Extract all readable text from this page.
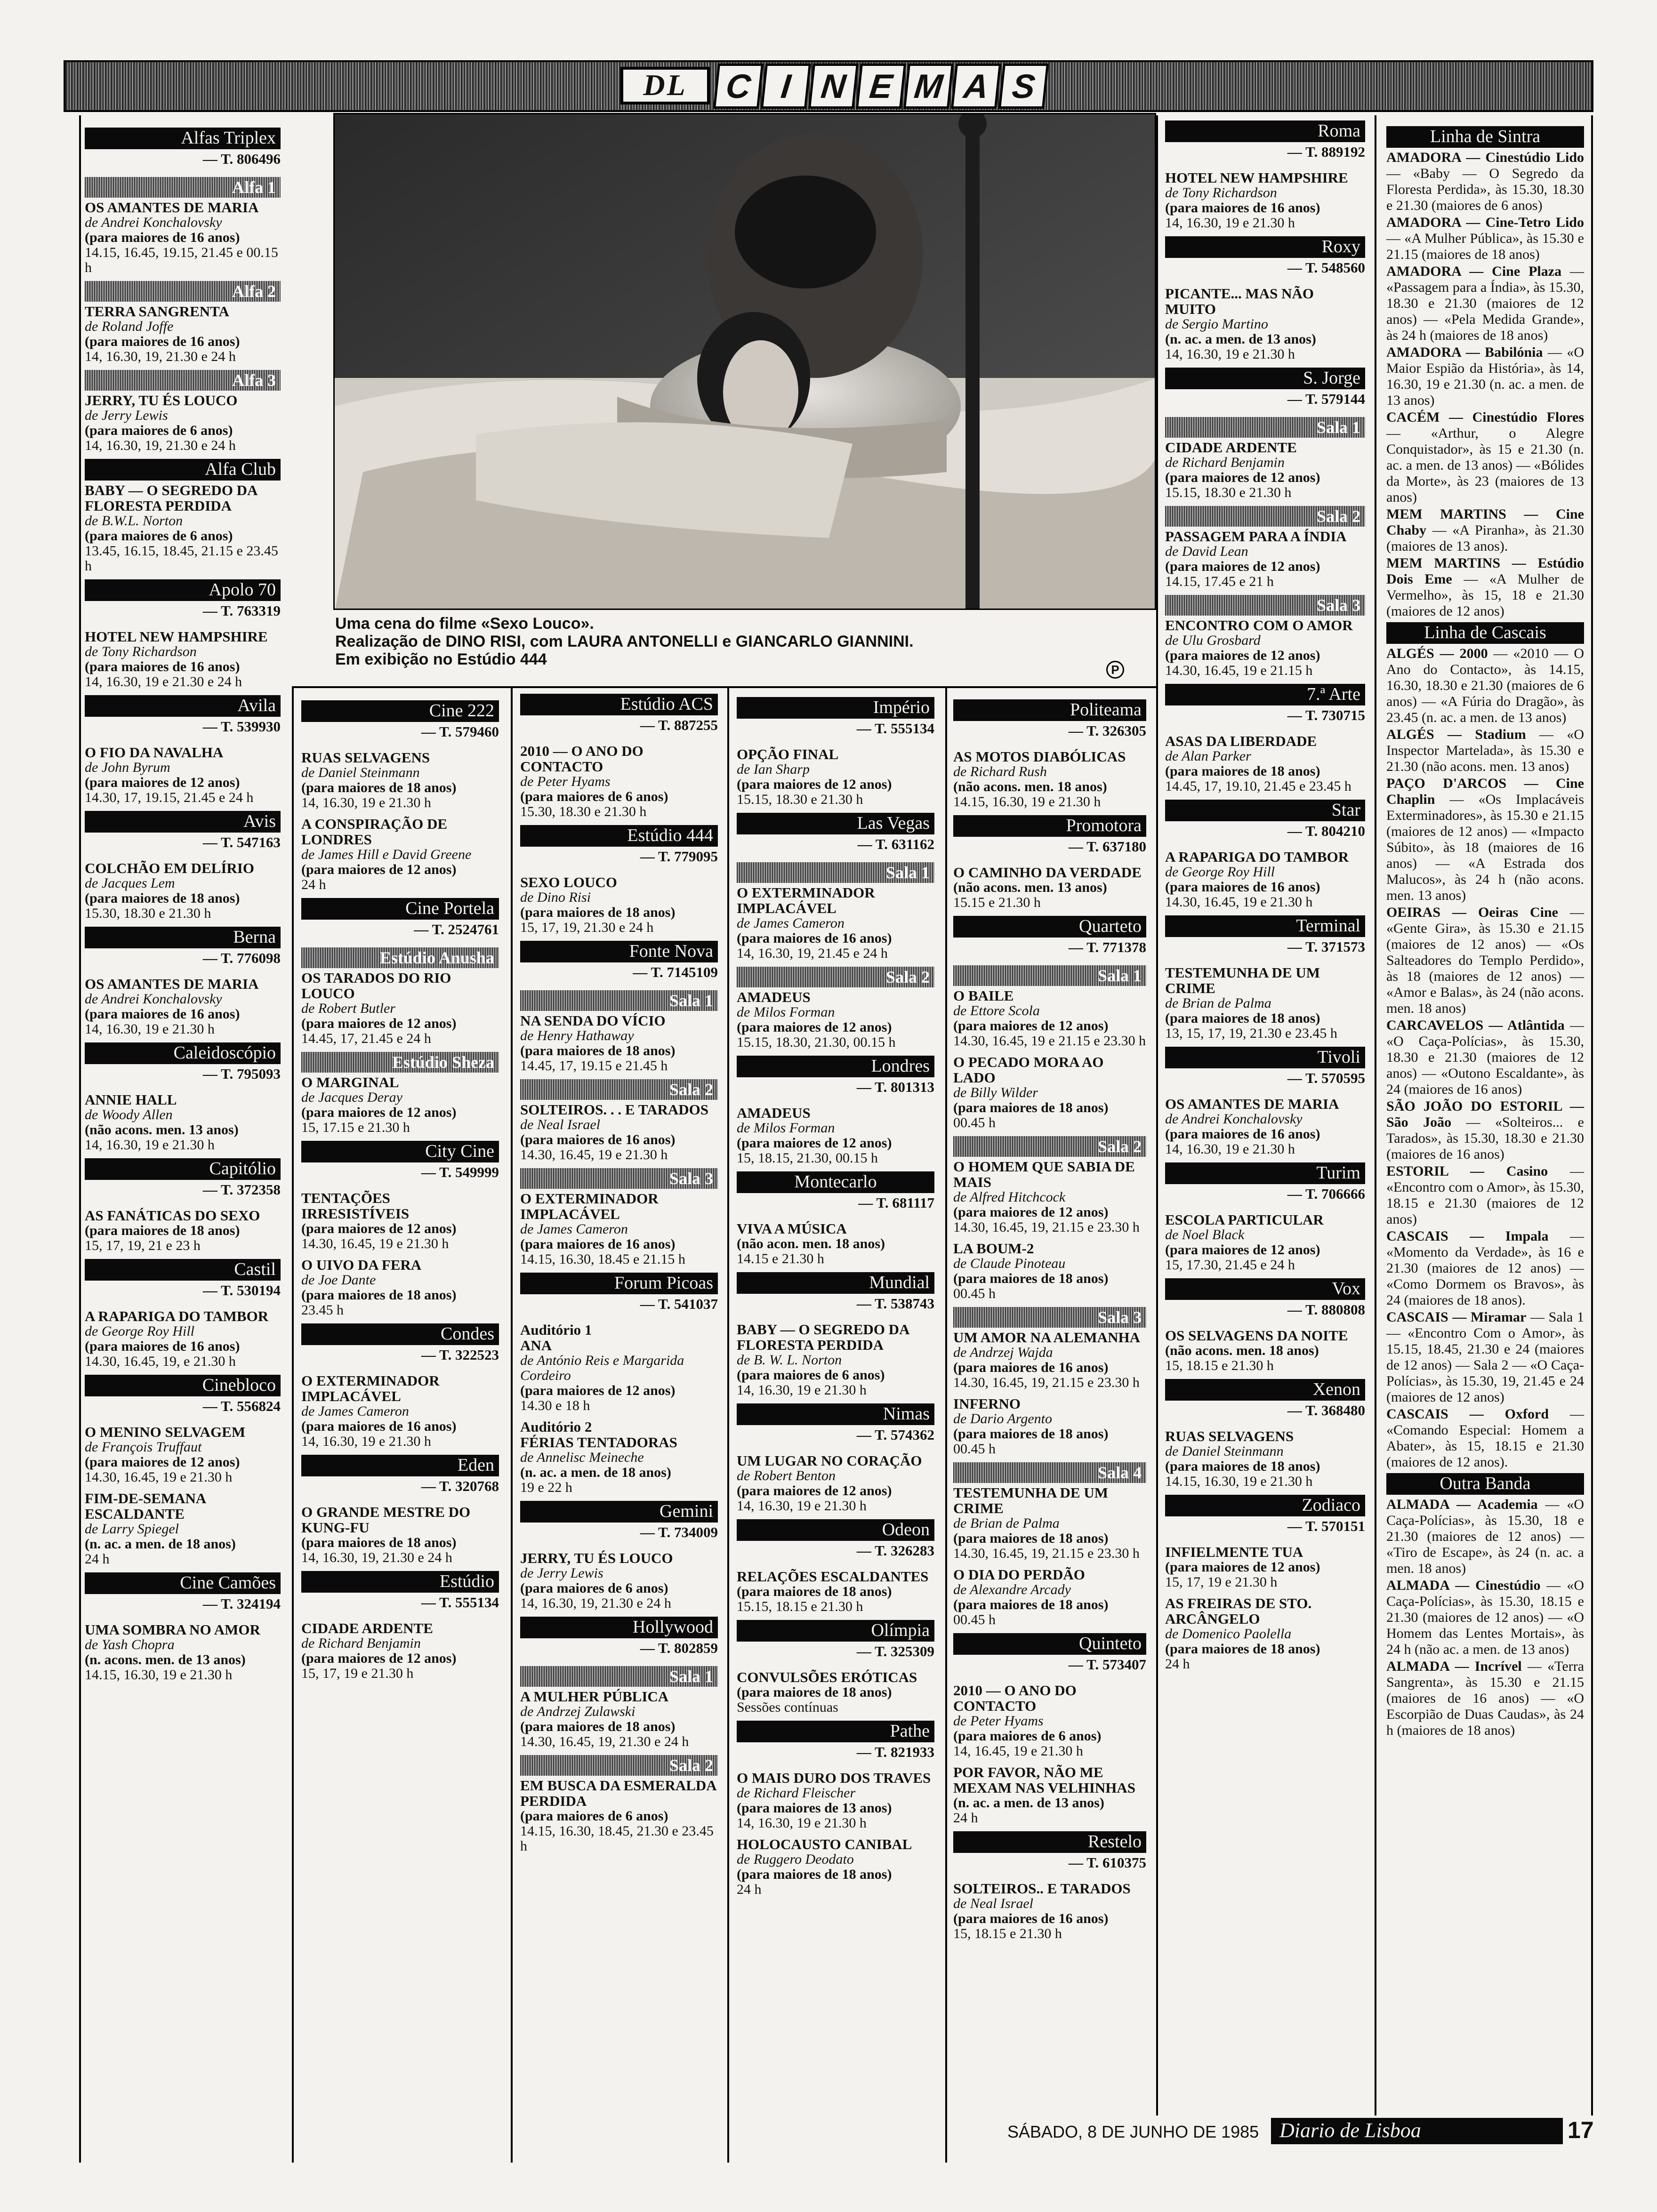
DL	C I N E M A S
Uma cena do filme «Sexo Louco».
Realização de DINO RISI, com LAURA ANTONELLI e GIANCARLO GIANNINI.
Em exibição no Estúdio 444
P
Alfas Triplex
— T. 806496
Alfa 1
OS AMANTES DE MARIA
de Andrei Konchalovsky
(para maiores de 16 anos)
14.15, 16.45, 19.15, 21.45 e 00.15 h
Alfa 2
TERRA SANGRENTA
de Roland Joffe
(para maiores de 16 anos)
14, 16.30, 19, 21.30 e 24 h
Alfa 3
JERRY, TU ÉS LOUCO
de Jerry Lewis
(para maiores de 6 anos)
14, 16.30, 19, 21.30 e 24 h
Alfa Club
BABY — O SEGREDO DA FLORESTA PERDIDA
de B.W.L. Norton
(para maiores de 6 anos)
13.45, 16.15, 18.45, 21.15 e 23.45 h
Apolo 70
— T. 763319
HOTEL NEW HAMPSHIRE
de Tony Richardson
(para maiores de 16 anos)
14, 16.30, 19 e 21.30 e 24 h
Avila
— T. 539930
O FIO DA NAVALHA
de John Byrum
(para maiores de 12 anos)
14.30, 17, 19.15, 21.45 e 24 h
Avis
— T. 547163
COLCHÃO EM DELÍRIO
de Jacques Lem
(para maiores de 18 anos)
15.30, 18.30 e 21.30 h
Berna
— T. 776098
OS AMANTES DE MARIA
de Andrei Konchalovsky
(para maiores de 16 anos)
14, 16.30, 19 e 21.30 h
Caleidoscópio
— T. 795093
ANNIE HALL
de Woody Allen
(não acons. men. 13 anos)
14, 16.30, 19 e 21.30 h
Capitólio
— T. 372358
AS FANÁTICAS DO SEXO
(para maiores de 18 anos)
15, 17, 19, 21 e 23 h
Castil
— T. 530194
A RAPARIGA DO TAMBOR
de George Roy Hill
(para maiores de 16 anos)
14.30, 16.45, 19, e 21.30 h
Cinebloco
— T. 556824
O MENINO SELVAGEM
de François Truffaut
(para maiores de 12 anos)
14.30, 16.45, 19 e 21.30 h
FIM-DE-SEMANA ESCALDANTE
de Larry Spiegel
(n. ac. a men. de 18 anos)
24 h
Cine Camões
— T. 324194
UMA SOMBRA NO AMOR
de Yash Chopra
(n. acons. men. de 13 anos)
14.15, 16.30, 19 e 21.30 h
Cine 222
— T. 579460
RUAS SELVAGENS
de Daniel Steinmann
(para maiores de 18 anos)
14, 16.30, 19 e 21.30 h
A CONSPIRAÇÃO DE LONDRES
de James Hill e David Greene
(para maiores de 12 anos)
24 h
Cine Portela
— T. 2524761
Estúdio Anusha
OS TARADOS DO RIO LOUCO
de Robert Butler
(para maiores de 12 anos)
14.45, 17, 21.45 e 24 h
Estúdio Sheza
O MARGINAL
de Jacques Deray
(para maiores de 12 anos)
15, 17.15 e 21.30 h
City Cine
— T. 549999
TENTAÇÕES IRRESISTÍVEIS
(para maiores de 12 anos)
14.30, 16.45, 19 e 21.30 h
O UIVO DA FERA
de Joe Dante
(para maiores de 18 anos)
23.45 h
Condes
— T. 322523
O EXTERMINADOR IMPLACÁVEL
de James Cameron
(para maiores de 16 anos)
14, 16.30, 19 e 21.30 h
Eden
— T. 320768
O GRANDE MESTRE DO KUNG-FU
(para maiores de 18 anos)
14, 16.30, 19, 21.30 e 24 h
Estúdio
— T. 555134
CIDADE ARDENTE
de Richard Benjamin
(para maiores de 12 anos)
15, 17, 19 e 21.30 h
Estúdio ACS
— T. 887255
2010 — O ANO DO CONTACTO
de Peter Hyams
(para maiores de 6 anos)
15.30, 18.30 e 21.30 h
Estúdio 444
— T. 779095
SEXO LOUCO
de Dino Risi
(para maiores de 18 anos)
15, 17, 19, 21.30 e 24 h
Fonte Nova
— T. 7145109
Sala 1
NA SENDA DO VÍCIO
de Henry Hathaway
(para maiores de 18 anos)
14.45, 17, 19.15 e 21.45 h
Sala 2
SOLTEIROS. . . E TARADOS
de Neal Israel
(para maiores de 16 anos)
14.30, 16.45, 19 e 21.30 h
Sala 3
O EXTERMINADOR IMPLACÁVEL
de James Cameron
(para maiores de 16 anos)
14.15, 16.30, 18.45 e 21.15 h
Forum Picoas
— T. 541037
Auditório 1
ANA
de António Reis e Margarida Cordeiro
(para maiores de 12 anos)
14.30 e 18 h
Auditório 2
FÉRIAS TENTADORAS
de Annelisc Meineche
(n. ac. a men. de 18 anos)
19 e 22 h
Gemini
— T. 734009
JERRY, TU ÉS LOUCO
de Jerry Lewis
(para maiores de 6 anos)
14, 16.30, 19, 21.30 e 24 h
Hollywood
— T. 802859
Sala 1
A MULHER PÚBLICA
de Andrzej Zulawski
(para maiores de 18 anos)
14.30, 16.45, 19, 21.30 e 24 h
Sala 2
EM BUSCA DA ESMERALDA PERDIDA
(para maiores de 6 anos)
14.15, 16.30, 18.45, 21.30 e 23.45 h
Império
— T. 555134
OPÇÃO FINAL
de Ian Sharp
(para maiores de 12 anos)
15.15, 18.30 e 21.30 h
Las Vegas
— T. 631162
Sala 1
O EXTERMINADOR IMPLACÁVEL
de James Cameron
(para maiores de 16 anos)
14, 16.30, 19, 21.45 e 24 h
Sala 2
AMADEUS
de Milos Forman
(para maiores de 12 anos)
15.15, 18.30, 21.30, 00.15 h
Londres
— T. 801313
AMADEUS
de Milos Forman
(para maiores de 12 anos)
15, 18.15, 21.30, 00.15 h
Montecarlo
— T. 681117
VIVA A MÚSICA
(não acon. men. 18 anos)
14.15 e 21.30 h
Mundial
— T. 538743
BABY — O SEGREDO DA FLORESTA PERDIDA
de B. W. L. Norton
(para maiores de 6 anos)
14, 16.30, 19 e 21.30 h
Nimas
— T. 574362
UM LUGAR NO CORAÇÃO
de Robert Benton
(para maiores de 12 anos)
14, 16.30, 19 e 21.30 h
Odeon
— T. 326283
RELAÇÕES ESCALDANTES
(para maiores de 18 anos)
15.15, 18.15 e 21.30 h
Olímpia
— T. 325309
CONVULSÕES ERÓTICAS
(para maiores de 18 anos)
Sessões contínuas
Pathe
— T. 821933
O MAIS DURO DOS TRAVES
de Richard Fleischer
(para maiores de 13 anos)
14, 16.30, 19 e 21.30 h
HOLOCAUSTO CANIBAL
de Ruggero Deodato
(para maiores de 18 anos)
24 h
Politeama
— T. 326305
AS MOTOS DIABÓLICAS
de Richard Rush
(não acons. men. 18 anos)
14.15, 16.30, 19 e 21.30 h
Promotora
— T. 637180
O CAMINHO DA VERDADE
(não acons. men. 13 anos)
15.15 e 21.30 h
Quarteto
— T. 771378
Sala 1
O BAILE
de Ettore Scola
(para maiores de 12 anos)
14.30, 16.45, 19 e 21.15 e 23.30 h
O PECADO MORA AO LADO
de Billy Wilder
(para maiores de 18 anos)
00.45 h
Sala 2
O HOMEM QUE SABIA DE MAIS
de Alfred Hitchcock
(para maiores de 12 anos)
14.30, 16.45, 19, 21.15 e 23.30 h
LA BOUM-2
de Claude Pinoteau
(para maiores de 18 anos)
00.45 h
Sala 3
UM AMOR NA ALEMANHA
de Andrzej Wajda
(para maiores de 16 anos)
14.30, 16.45, 19, 21.15 e 23.30 h
INFERNO
de Dario Argento
(para maiores de 18 anos)
00.45 h
Sala 4
TESTEMUNHA DE UM CRIME
de Brian de Palma
(para maiores de 18 anos)
14.30, 16.45, 19, 21.15 e 23.30 h
O DIA DO PERDÃO
de Alexandre Arcady
(para maiores de 18 anos)
00.45 h
Quinteto
— T. 573407
2010 — O ANO DO CONTACTO
de Peter Hyams
(para maiores de 6 anos)
14, 16.45, 19 e 21.30 h
POR FAVOR, NÃO ME MEXAM NAS VELHINHAS
(n. ac. a men. de 13 anos)
24 h
Restelo
— T. 610375
SOLTEIROS.. E TARADOS
de Neal Israel
(para maiores de 16 anos)
15, 18.15 e 21.30 h
Roma
— T. 889192
HOTEL NEW HAMPSHIRE
de Tony Richardson
(para maiores de 16 anos)
14, 16.30, 19 e 21.30 h
Roxy
— T. 548560
PICANTE... MAS NÃO MUITO
de Sergio Martino
(n. ac. a men. de 13 anos)
14, 16.30, 19 e 21.30 h
S. Jorge
— T. 579144
Sala 1
CIDADE ARDENTE
de Richard Benjamin
(para maiores de 12 anos)
15.15, 18.30 e 21.30 h
Sala 2
PASSAGEM PARA A ÍNDIA
de David Lean
(para maiores de 12 anos)
14.15, 17.45 e 21 h
Sala 3
ENCONTRO COM O AMOR
de Ulu Grosbard
(para maiores de 12 anos)
14.30, 16.45, 19 e 21.15 h
7.ª Arte
— T. 730715
ASAS DA LIBERDADE
de Alan Parker
(para maiores de 18 anos)
14.45, 17, 19.10, 21.45 e 23.45 h
Star
— T. 804210
A RAPARIGA DO TAMBOR
de George Roy Hill
(para maiores de 16 anos)
14.30, 16.45, 19 e 21.30 h
Terminal
— T. 371573
TESTEMUNHA DE UM CRIME
de Brian de Palma
(para maiores de 18 anos)
13, 15, 17, 19, 21.30 e 23.45 h
Tivoli
— T. 570595
OS AMANTES DE MARIA
de Andrei Konchalovsky
(para maiores de 16 anos)
14, 16.30, 19 e 21.30 h
Turim
— T. 706666
ESCOLA PARTICULAR
de Noel Black
(para maiores de 12 anos)
15, 17.30, 21.45 e 24 h
Vox
— T. 880808
OS SELVAGENS DA NOITE
(não acons. men. 18 anos)
15, 18.15 e 21.30 h
Xenon
— T. 368480
RUAS SELVAGENS
de Daniel Steinmann
(para maiores de 18 anos)
14.15, 16.30, 19 e 21.30 h
Zodiaco
— T. 570151
INFIELMENTE TUA
(para maiores de 12 anos)
15, 17, 19 e 21.30 h
AS FREIRAS DE STO. ARCÂNGELO
de Domenico Paolella
(para maiores de 18 anos)
24 h
Linha de Sintra
AMADORA — Cinestúdio Lido — «Baby — O Segredo da Floresta Perdida», às 15.30, 18.30 e 21.30 (maiores de 6 anos)
AMADORA — Cine-Tetro Lido — «A Mulher Pública», às 15.30 e 21.15 (maiores de 18 anos)
AMADORA — Cine Plaza — «Passagem para a Índia», às 15.30, 18.30 e 21.30 (maiores de 12 anos) — «Pela Medida Grande», às 24 h (maiores de 18 anos)
AMADORA — Babilónia — «O Maior Espião da História», às 14, 16.30, 19 e 21.30 (n. ac. a men. de 13 anos)
CACÉM — Cinestúdio Flores — «Arthur, o Alegre Conquistador», às 15 e 21.30 (n. ac. a men. de 13 anos) — «Bólides da Morte», às 23 (maiores de 13 anos)
MEM MARTINS — Cine Chaby — «A Piranha», às 21.30 (maiores de 13 anos).
MEM MARTINS — Estúdio Dois Eme — «A Mulher de Vermelho», às 15, 18 e 21.30 (maiores de 12 anos)
Linha de Cascais
ALGÉS — 2000 — «2010 — O Ano do Contacto», às 14.15, 16.30, 18.30 e 21.30 (maiores de 6 anos) — «A Fúria do Dragão», às 23.45 (n. ac. a men. de 13 anos)
ALGÉS — Stadium — «O Inspector Marteladа», às 15.30 e 21.30 (não acons. men. 13 anos)
PAÇO D'ARCOS — Cine Chaplin — «Os Implacáveis Exterminadores», às 15.30 e 21.15 (maiores de 12 anos) — «Impacto Súbito», às 18 (maiores de 16 anos) — «A Estrada dos Malucos», às 24 h (não acons. men. 13 anos)
OEIRAS — Oeiras Cine — «Gente Gira», às 15.30 e 21.15 (maiores de 12 anos) — «Os Salteadores do Templo Perdido», às 18 (maiores de 12 anos) — «Amor e Balas», às 24 (não acons. men. 18 anos)
CARCAVELOS — Atlântida — «O Caça-Polícias», às 15.30, 18.30 e 21.30 (maiores de 12 anos) — «Outono Escaldante», às 24 (maiores de 16 anos)
SÃO JOÃO DO ESTORIL — São João — «Solteiros... e Tarados», às 15.30, 18.30 e 21.30 (maiores de 16 anos)
ESTORIL — Casino — «Encontro com o Amor», às 15.30, 18.15 e 21.30 (maiores de 12 anos)
CASCAIS — Impala — «Momento da Verdade», às 16 e 21.30 (maiores de 12 anos) — «Como Dormem os Bravos», às 24 (maiores de 18 anos).
CASCAIS — Miramar — Sala 1 — «Encontro Com o Amor», às 15.15, 18.45, 21.30 e 24 (maiores de 12 anos) — Sala 2 — «O Caça-Polícias», às 15.30, 19, 21.45 e 24 (maiores de 12 anos)
CASCAIS — Oxford — «Comando Especial: Homem a Abater», às 15, 18.15 e 21.30 (maiores de 12 anos).
Outra Banda
ALMADA — Academia — «O Caça-Polícias», às 15.30, 18 e 21.30 (maiores de 12 anos) — «Tiro de Escape», às 24 (n. ac. a men. 18 anos)
ALMADA — Cinestúdio — «O Caça-Polícias», às 15.30, 18.15 e 21.30 (maiores de 12 anos) — «O Homem das Lentes Mortais», às 24 h (não ac. a men. de 13 anos)
ALMADA — Incrível — «Terra Sangrenta», às 15.30 e 21.15 (maiores de 16 anos) — «O Escorpião de Duas Caudas», às 24 h (maiores de 18 anos)
SÁBADO, 8 DE JUNHO DE 1985 Diario de Lisboa	17
